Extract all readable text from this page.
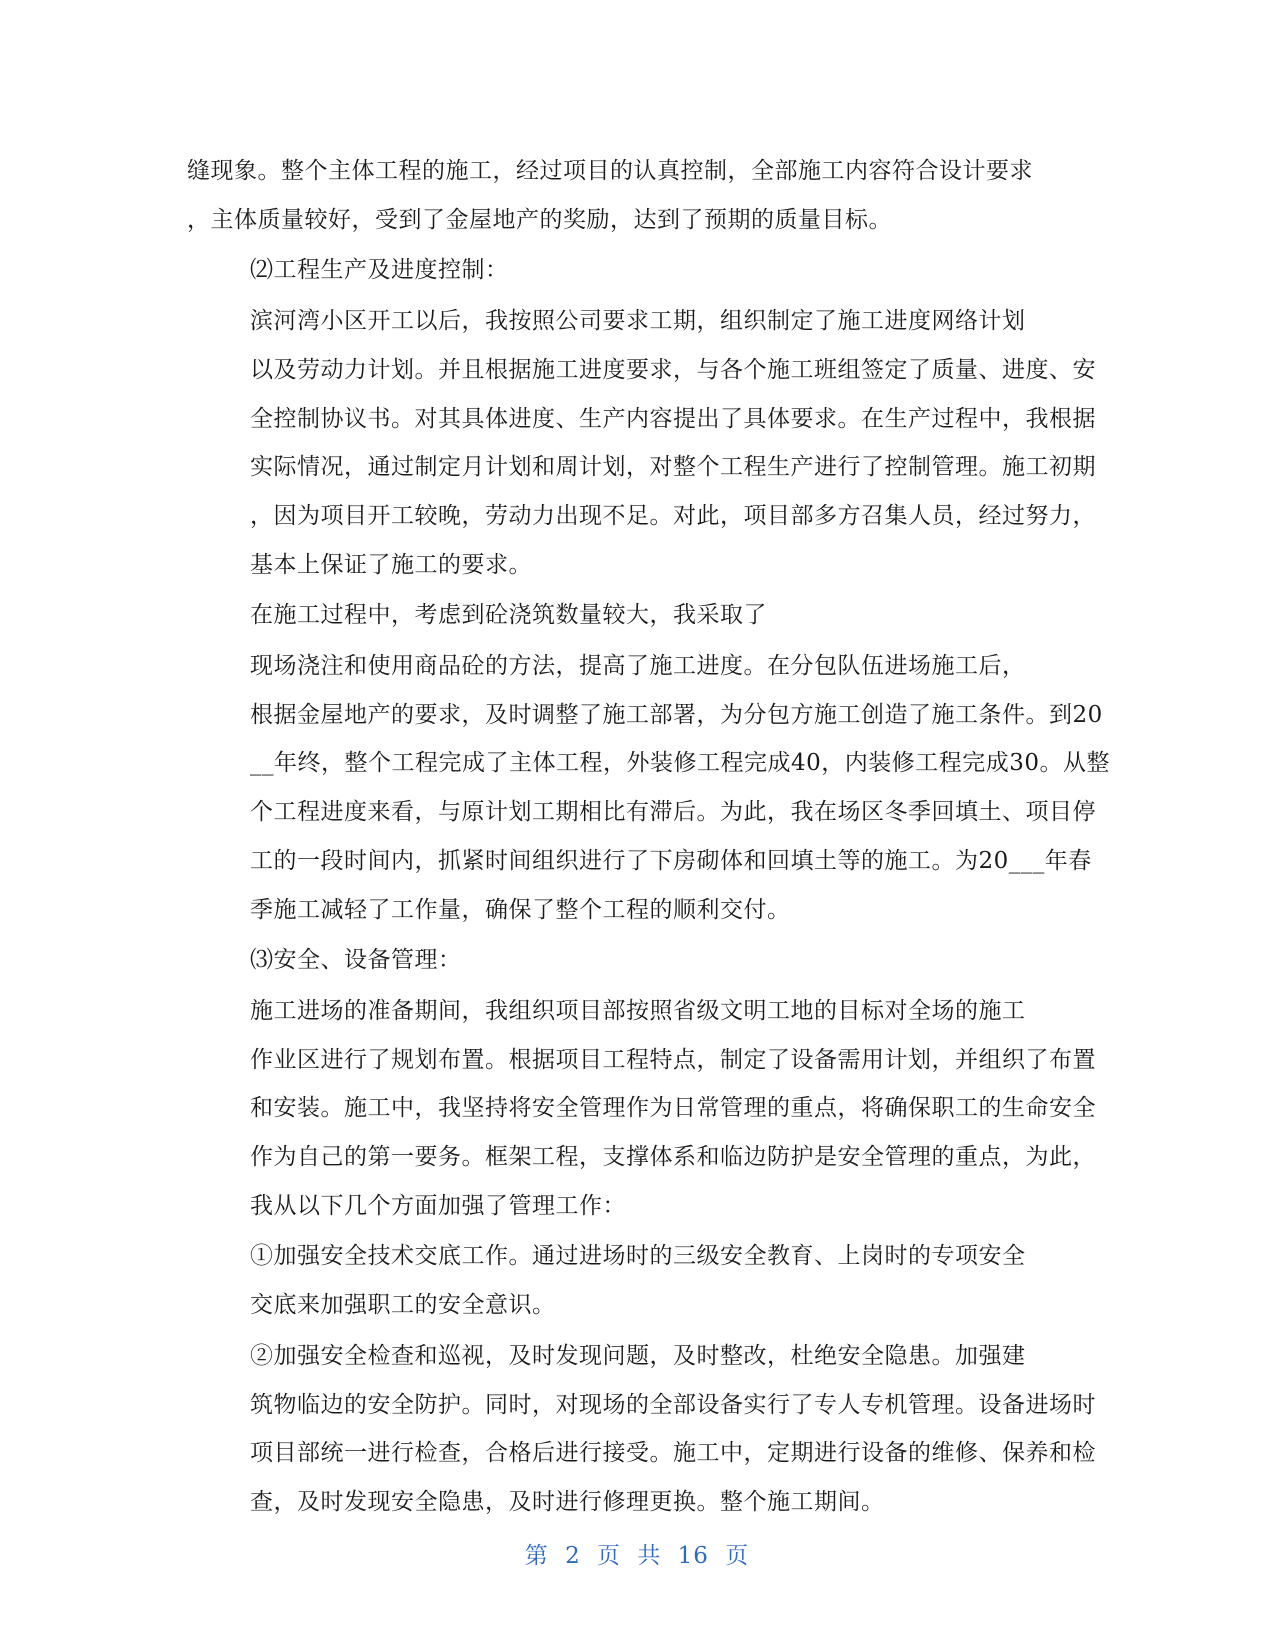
缝现象。整个主体工程的施工，经过项目的认真控制，全部施工内容符合设计要求
，主体质量较好，受到了金屋地产的奖励，达到了预期的质量目标。

⑵工程生产及进度控制：

滨河湾小区开工以后，我按照公司要求工期，组织制定了施工进度网络计划
以及劳动力计划。并且根据施工进度要求，与各个施工班组签定了质量、进度、安
全控制协议书。对其具体进度、生产内容提出了具体要求。在生产过程中，我根据
实际情况，通过制定月计划和周计划，对整个工程生产进行了控制管理。施工初期
，因为项目开工较晚，劳动力出现不足。对此，项目部多方召集人员，经过努力，
基本上保证了施工的要求。

在施工过程中，考虑到砼浇筑数量较大，我采取了

现场浇注和使用商品砼的方法，提高了施工进度。在分包队伍进场施工后，
根据金屋地产的要求，及时调整了施工部署，为分包方施工创造了施工条件。到20
__年终，整个工程完成了主体工程，外装修工程完成40，内装修工程完成30。从整
个工程进度来看，与原计划工期相比有滞后。为此，我在场区冬季回填土、项目停
工的一段时间内，抓紧时间组织进行了下房砌体和回填土等的施工。为20___年春
季施工减轻了工作量，确保了整个工程的顺利交付。

⑶安全、设备管理：

施工进场的准备期间，我组织项目部按照省级文明工地的目标对全场的施工
作业区进行了规划布置。根据项目工程特点，制定了设备需用计划，并组织了布置
和安装。施工中，我坚持将安全管理作为日常管理的重点，将确保职工的生命安全
作为自己的第一要务。框架工程，支撑体系和临边防护是安全管理的重点，为此，
我从以下几个方面加强了管理工作：

①加强安全技术交底工作。通过进场时的三级安全教育、上岗时的专项安全
交底来加强职工的安全意识。

②加强安全检查和巡视，及时发现问题，及时整改，杜绝安全隐患。加强建
筑物临边的安全防护。同时，对现场的全部设备实行了专人专机管理。设备进场时
项目部统一进行检查，合格后进行接受。施工中，定期进行设备的维修、保养和检
查，及时发现安全隐患，及时进行修理更换。整个施工期间。

第 2 页 共 16 页
